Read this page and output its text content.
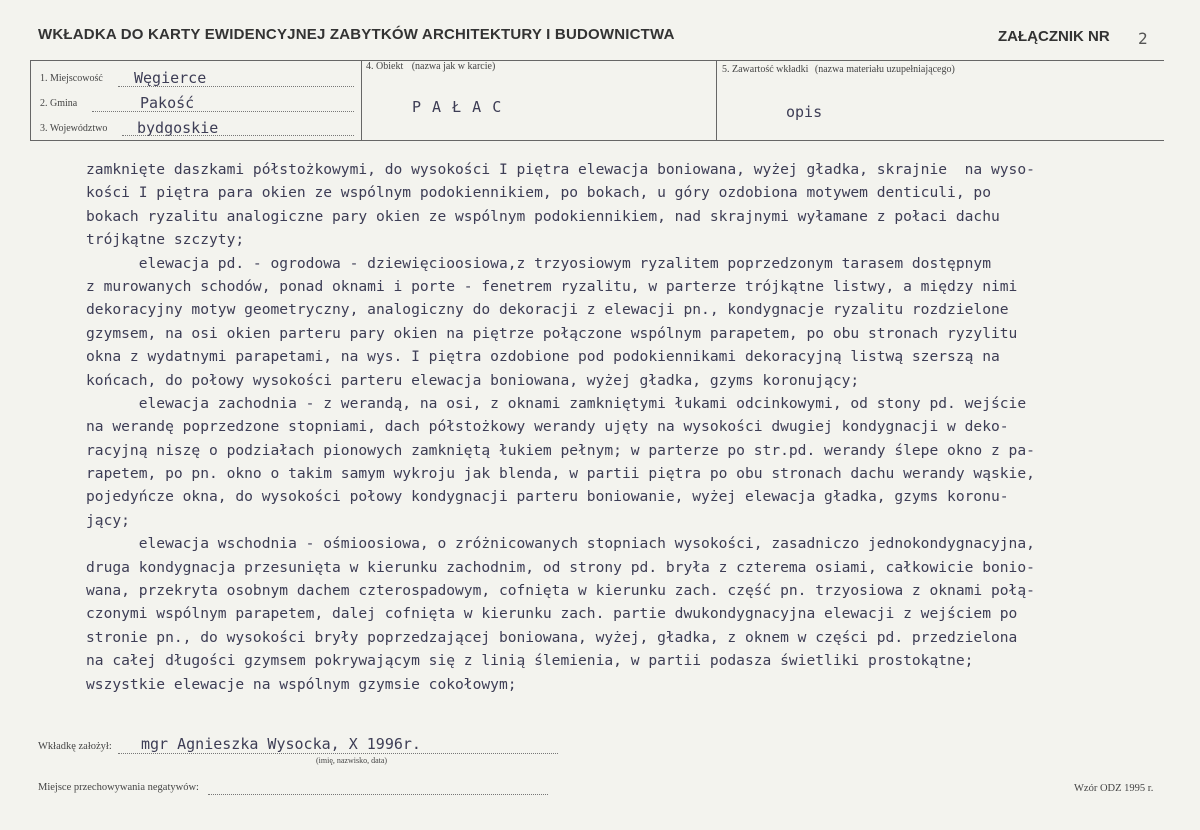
WKŁADKA DO KARTY EWIDENCYJNEJ ZABYTKÓW ARCHITEKTURY I BUDOWNICTWA	ZAŁĄCZNIK NR 2
1. Miejscowość Węgierce
2. Gmina	Pakość
3. Województwo bydgoskie
4. Obiekt (nazwa jak w karcie)
P A Ł A C
5. Zawartość wkładki (nazwa materiału uzupełniającego)
opis
zamknięte daszkami półstożkowymi, do wysokości I piętra elewacja boniowana, wyżej gładka, skrajnie  na wyso-
kości I piętra para okien ze wspólnym podokiennikiem, po bokach, u góry ozdobiona motywem denticuli, po
bokach ryzalitu analogiczne pary okien ze wspólnym podokiennikiem, nad skrajnymi wyłamane z połaci dachu
trójkątne szczyty;
elewacja pd. - ogrodowa - dziewięcioosiowa,z trzyosiowym ryzalitem poprzedzonym tarasem dostępnym
z murowanych schodów, ponad oknami i porte - fenetrem ryzalitu, w parterze trójkątne listwy, a między nimi
dekoracyjny motyw geometryczny, analogiczny do dekoracji z elewacji pn., kondygnacje ryzalitu rozdzielone
gzymsem, na osi okien parteru pary okien na piętrze połączone wspólnym parapetem, po obu stronach ryzylitu
okna z wydatnymi parapetami, na wys. I piętra ozdobione pod podokiennikami dekoracyjną listwą szerszą na
końcach, do połowy wysokości parteru elewacja boniowana, wyżej gładka, gzyms koronujący;
elewacja zachodnia - z werandą, na osi, z oknami zamkniętymi łukami odcinkowymi, od stony pd. wejście
na werandę poprzedzone stopniami, dach półstożkowy werandy ujęty na wysokości dwugiej kondygnacji w deko-
racyjną niszę o podziałach pionowych zamkniętą łukiem pełnym; w parterze po str.pd. werandy ślepe okno z pa-
rapetem, po pn. okno o takim samym wykroju jak blenda, w partii piętra po obu stronach dachu werandy wąskie,
pojedyńcze okna, do wysokości połowy kondygnacji parteru boniowanie, wyżej elewacja gładka, gzyms koronu-
jący;
elewacja wschodnia - ośmioosiowa, o zróżnicowanych stopniach wysokości, zasadniczo jednokondygnacyjna,
druga kondygnacja przesunięta w kierunku zachodnim, od strony pd. bryła z czterema osiami, całkowicie bonio-
wana, przekryta osobnym dachem czterospadowym, cofnięta w kierunku zach. część pn. trzyosiowa z oknami połą-
czonymi wspólnym parapetem, dalej cofnięta w kierunku zach. partie dwukondygnacyjna elewacji z wejściem po
stronie pn., do wysokości bryły poprzedzającej boniowana, wyżej, gładka, z oknem w części pd. przedzielona
na całej długości gzymsem pokrywającym się z linią ślemienia, w partii podasza świetliki prostokątne;
wszystkie elewacje na wspólnym gzymsie cokołowym;
Wkładkę założył: mgr Agnieszka Wysocka, X 1996r.
(imię, nazwisko, data)
Miejsce przechowywania negatywów:	Wzór ODZ 1995 r.
